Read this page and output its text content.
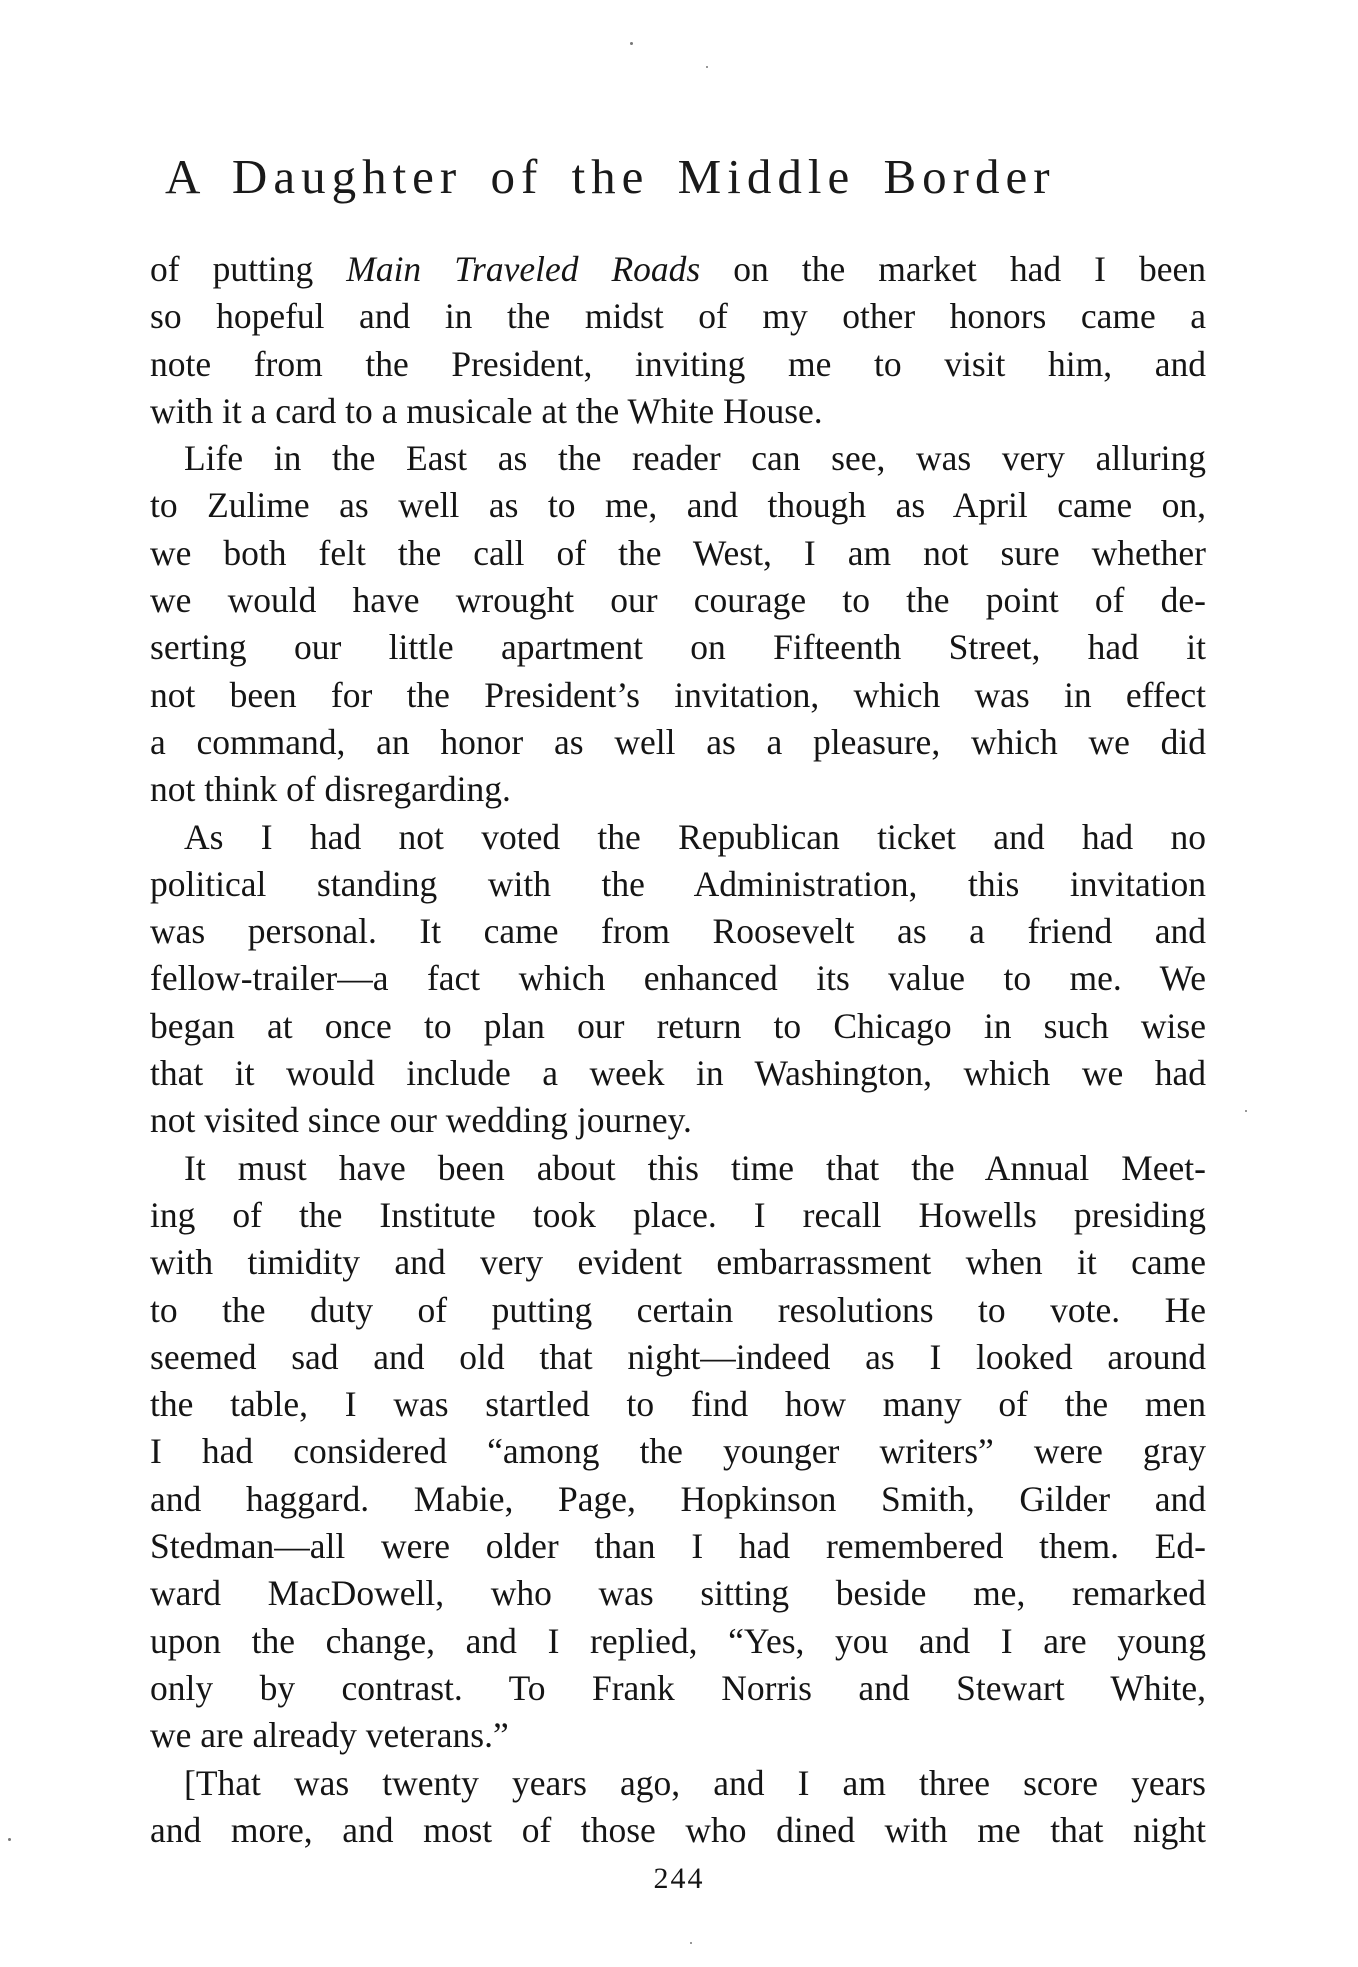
A Daughter of the Middle Border
of putting Main Traveled Roads on the market had I been
so hopeful and in the midst of my other honors came a
note from the President, inviting me to visit him, and
with it a card to a musicale at the White House.
Life in the East as the reader can see, was very alluring
to Zulime as well as to me, and though as April came on,
we both felt the call of the West, I am not sure whether
we would have wrought our courage to the point of de-
serting our little apartment on Fifteenth Street, had it
not been for the President’s invitation, which was in effect
a command, an honor as well as a pleasure, which we did
not think of disregarding.
As I had not voted the Republican ticket and had no
political standing with the Administration, this invitation
was personal. It came from Roosevelt as a friend and
fellow-trailer—a fact which enhanced its value to me. We
began at once to plan our return to Chicago in such wise
that it would include a week in Washington, which we had
not visited since our wedding journey.
It must have been about this time that the Annual Meet-
ing of the Institute took place. I recall Howells presiding
with timidity and very evident embarrassment when it came
to the duty of putting certain resolutions to vote. He
seemed sad and old that night—indeed as I looked around
the table, I was startled to find how many of the men
I had considered “among the younger writers” were gray
and haggard. Mabie, Page, Hopkinson Smith, Gilder and
Stedman—all were older than I had remembered them. Ed-
ward MacDowell, who was sitting beside me, remarked
upon the change, and I replied, “Yes, you and I are young
only by contrast. To Frank Norris and Stewart White,
we are already veterans.”
[That was twenty years ago, and I am three score years
and more, and most of those who dined with me that night
244
